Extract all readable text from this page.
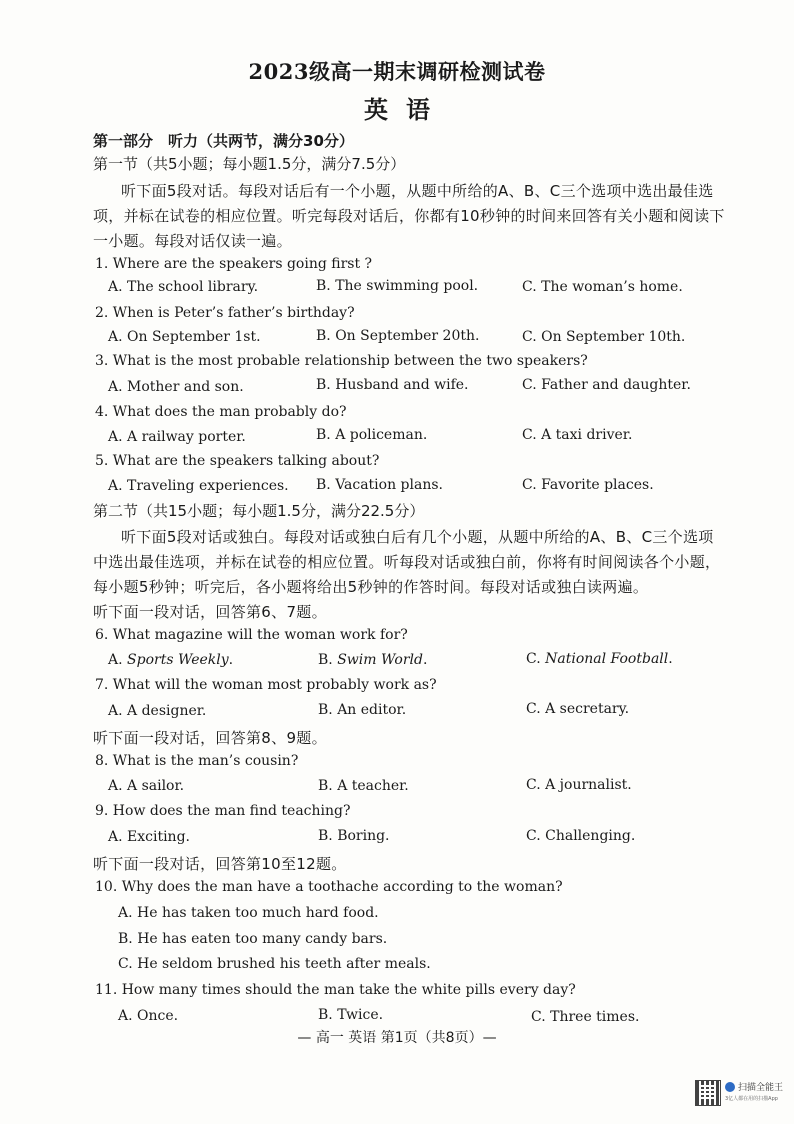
2023级高一期末调研检测试卷
英语
第一部分　听力（共两节，满分30分）
第一节（共5小题；每小题1.5分，满分7.5分）
听下面5段对话。每段对话后有一个小题，从题中所给的A、B、C三个选项中选出最佳选
项，并标在试卷的相应位置。听完每段对话后，你都有10秒钟的时间来回答有关小题和阅读下
一小题。每段对话仅读一遍。
1. Where are the speakers going first ?
A. The school library.	B. The swimming pool.	C. The woman’s home.
2. When is Peter’s father’s birthday?
A. On September 1st.	B. On September 20th.	C. On September 10th.
3. What is the most probable relationship between the two speakers?
A. Mother and son.	B. Husband and wife.	C. Father and daughter.
4. What does the man probably do?
A. A railway porter.	B. A policeman.	C. A taxi driver.
5. What are the speakers talking about?
A. Traveling experiences. B. Vacation plans.	C. Favorite places.
第二节（共15小题；每小题1.5分，满分22.5分）
听下面5段对话或独白。每段对话或独白后有几个小题，从题中所给的A、B、C三个选项
中选出最佳选项，并标在试卷的相应位置。听每段对话或独白前，你将有时间阅读各个小题，
每小题5秒钟；听完后，各小题将给出5秒钟的作答时间。每段对话或独白读两遍。
听下面一段对话，回答第6、7题。
6. What magazine will the woman work for?
A. Sports Weekly.	B. Swim World.	C. National Football.
7. What will the woman most probably work as?
A. A designer.	B. An editor.	C. A secretary.
听下面一段对话，回答第8、9题。
8. What is the man’s cousin?
A. A sailor.	B. A teacher.	C. A journalist.
9. How does the man find teaching?
A. Exciting.	B. Boring.	C. Challenging.
听下面一段对话，回答第10至12题。
10. Why does the man have a toothache according to the woman?
A. He has taken too much hard food.
B. He has eaten too many candy bars.
C. He seldom brushed his teeth after meals.
11. How many times should the man take the white pills every day?
A. Once.	B. Twice.	C. Three times.
— 高一 英语 第1页（共8页）—
扫描全能王
3亿人都在用的扫描App
